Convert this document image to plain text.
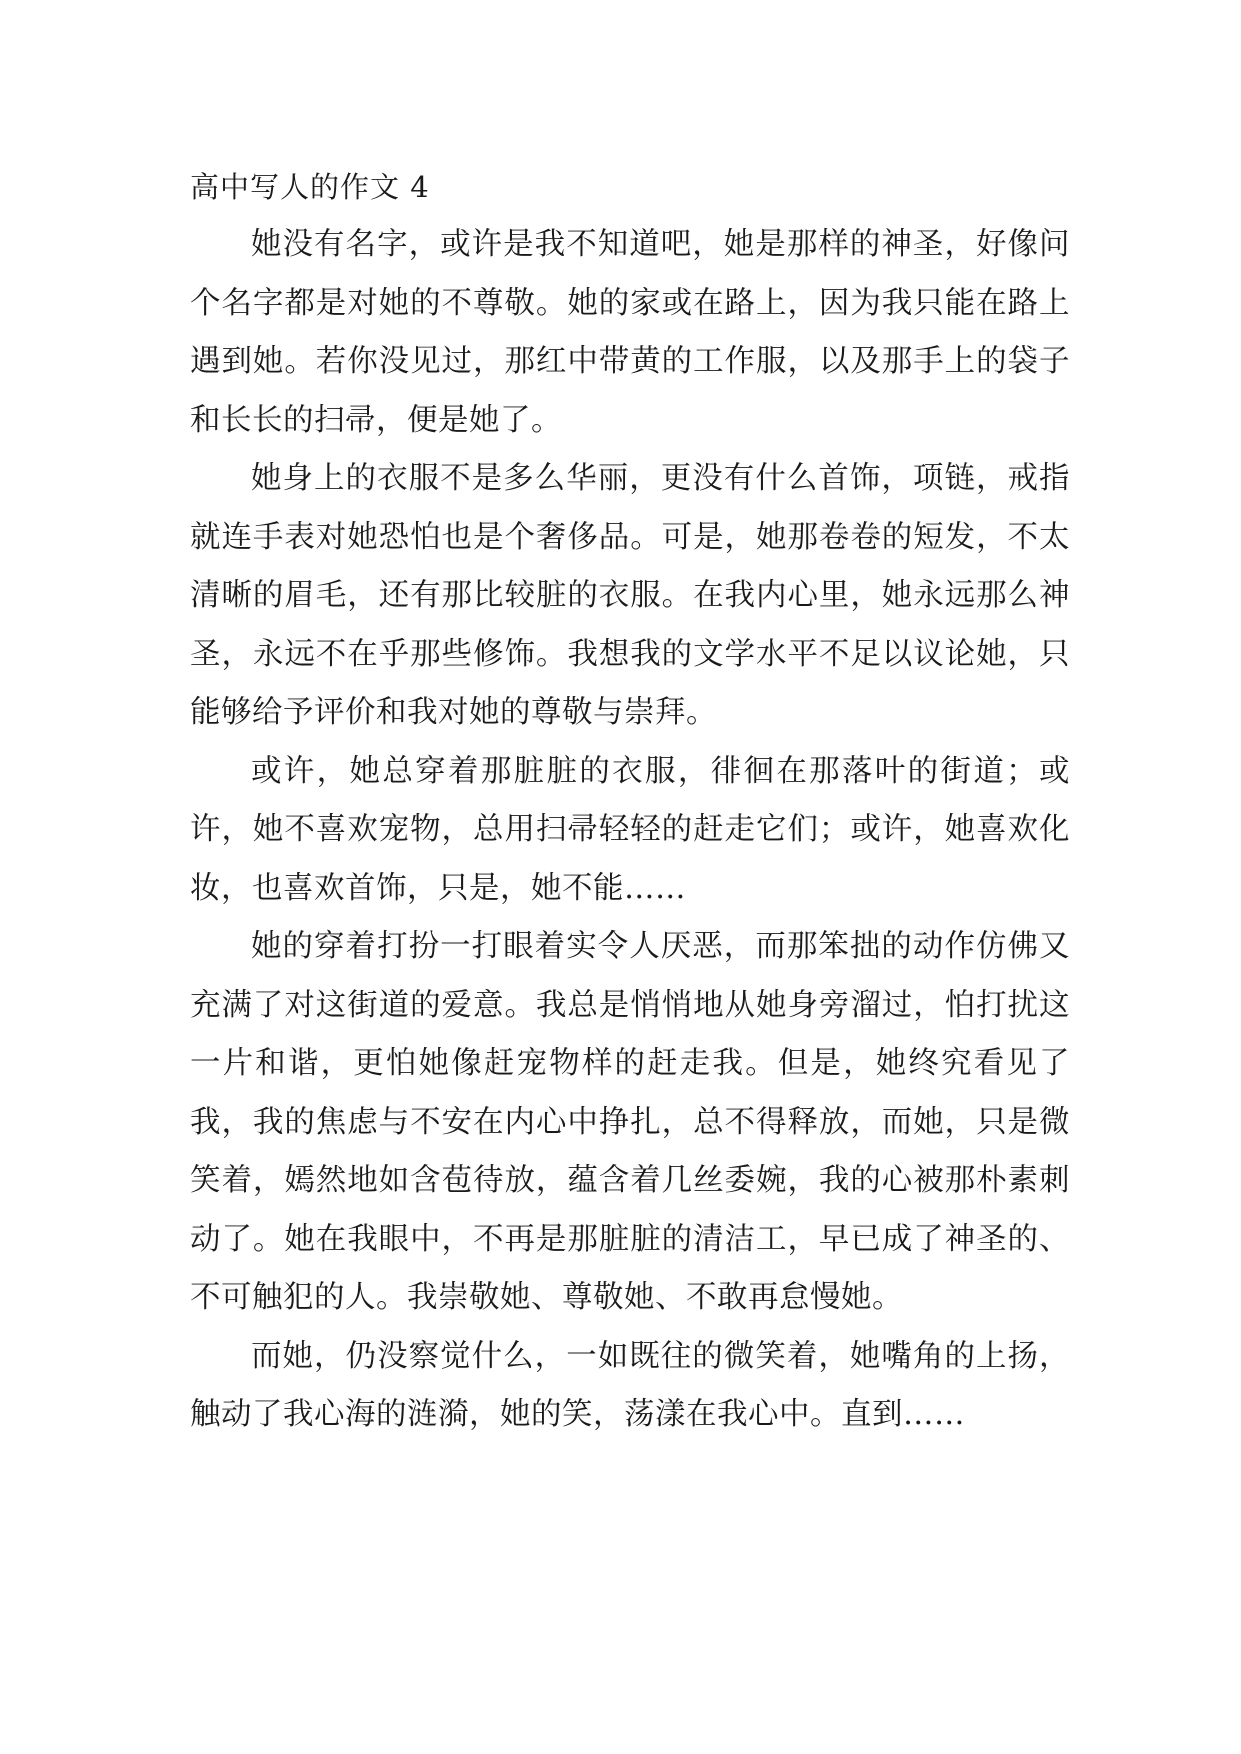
高中写人的作文 4

她没有名字，或许是我不知道吧，她是那样的神圣，好像问个名字都是对她的不尊敬。她的家或在路上，因为我只能在路上遇到她。若你没见过，那红中带黄的工作服，以及那手上的袋子和长长的扫帚，便是她了。

她身上的衣服不是多么华丽，更没有什么首饰，项链，戒指就连手表对她恐怕也是个奢侈品。可是，她那卷卷的短发，不太清晰的眉毛，还有那比较脏的衣服。在我内心里，她永远那么神圣，永远不在乎那些修饰。我想我的文学水平不足以议论她，只能够给予评价和我对她的尊敬与崇拜。

或许，她总穿着那脏脏的衣服，徘徊在那落叶的街道；或许，她不喜欢宠物，总用扫帚轻轻的赶走它们；或许，她喜欢化妆，也喜欢首饰，只是，她不能……

她的穿着打扮一打眼着实令人厌恶，而那笨拙的动作仿佛又充满了对这街道的爱意。我总是悄悄地从她身旁溜过，怕打扰这一片和谐，更怕她像赶宠物样的赶走我。但是，她终究看见了我，我的焦虑与不安在内心中挣扎，总不得释放，而她，只是微笑着，嫣然地如含苞待放，蕴含着几丝委婉，我的心被那朴素刺动了。她在我眼中，不再是那脏脏的清洁工，早已成了神圣的、不可触犯的人。我崇敬她、尊敬她、不敢再怠慢她。

而她，仍没察觉什么，一如既往的微笑着，她嘴角的上扬，触动了我心海的涟漪，她的笑，荡漾在我心中。直到……
